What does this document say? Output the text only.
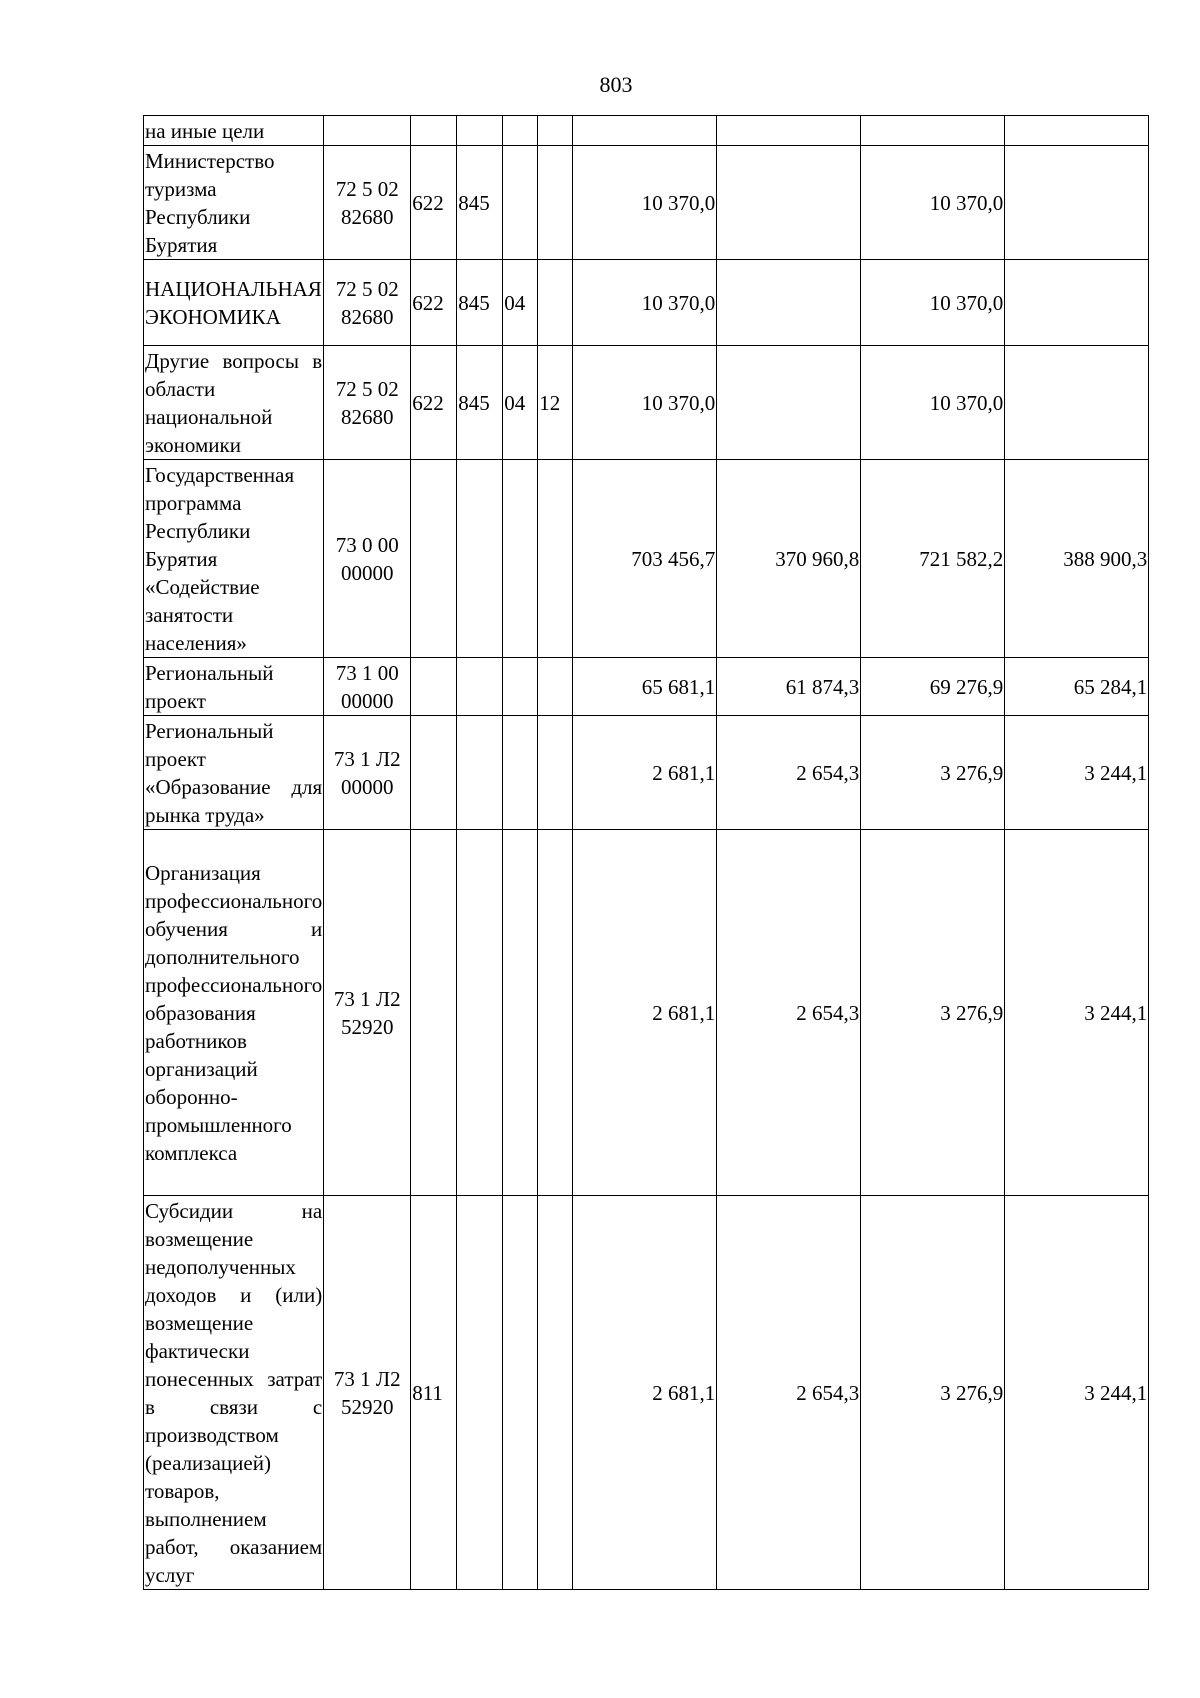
803
на иные цели									
Министерство туризма Республики Бурятия	72 5 02 82680	622	845			10 370,0		10 370,0	
НАЦИОНАЛЬНАЯ ЭКОНОМИКА	72 5 02 82680	622	845	04		10 370,0		10 370,0	
Другие вопросы в области национальной экономики	72 5 02 82680	622	845	04	12	10 370,0		10 370,0	
Государственная программа Республики Бурятия «Содействие занятости населения»	73 0 00 00000					703 456,7	370 960,8	721 582,2	388 900,3
Региональный проект	73 1 00 00000					65 681,1	61 874,3	69 276,9	65 284,1
Региональный проект «Образование для рынка труда»	73 1 Л2 00000					2 681,1	2 654,3	3 276,9	3 244,1
Организация профессионального обучения и дополнительного профессионального образования работников организаций оборонно-промышленного комплекса	73 1 Л2 52920					2 681,1	2 654,3	3 276,9	3 244,1
Субсидии на возмещение недополученных доходов и (или) возмещение фактически понесенных затрат в связи с производством (реализацией) товаров, выполнением работ, оказанием услуг	73 1 Л2 52920	811				2 681,1	2 654,3	3 276,9	3 244,1
